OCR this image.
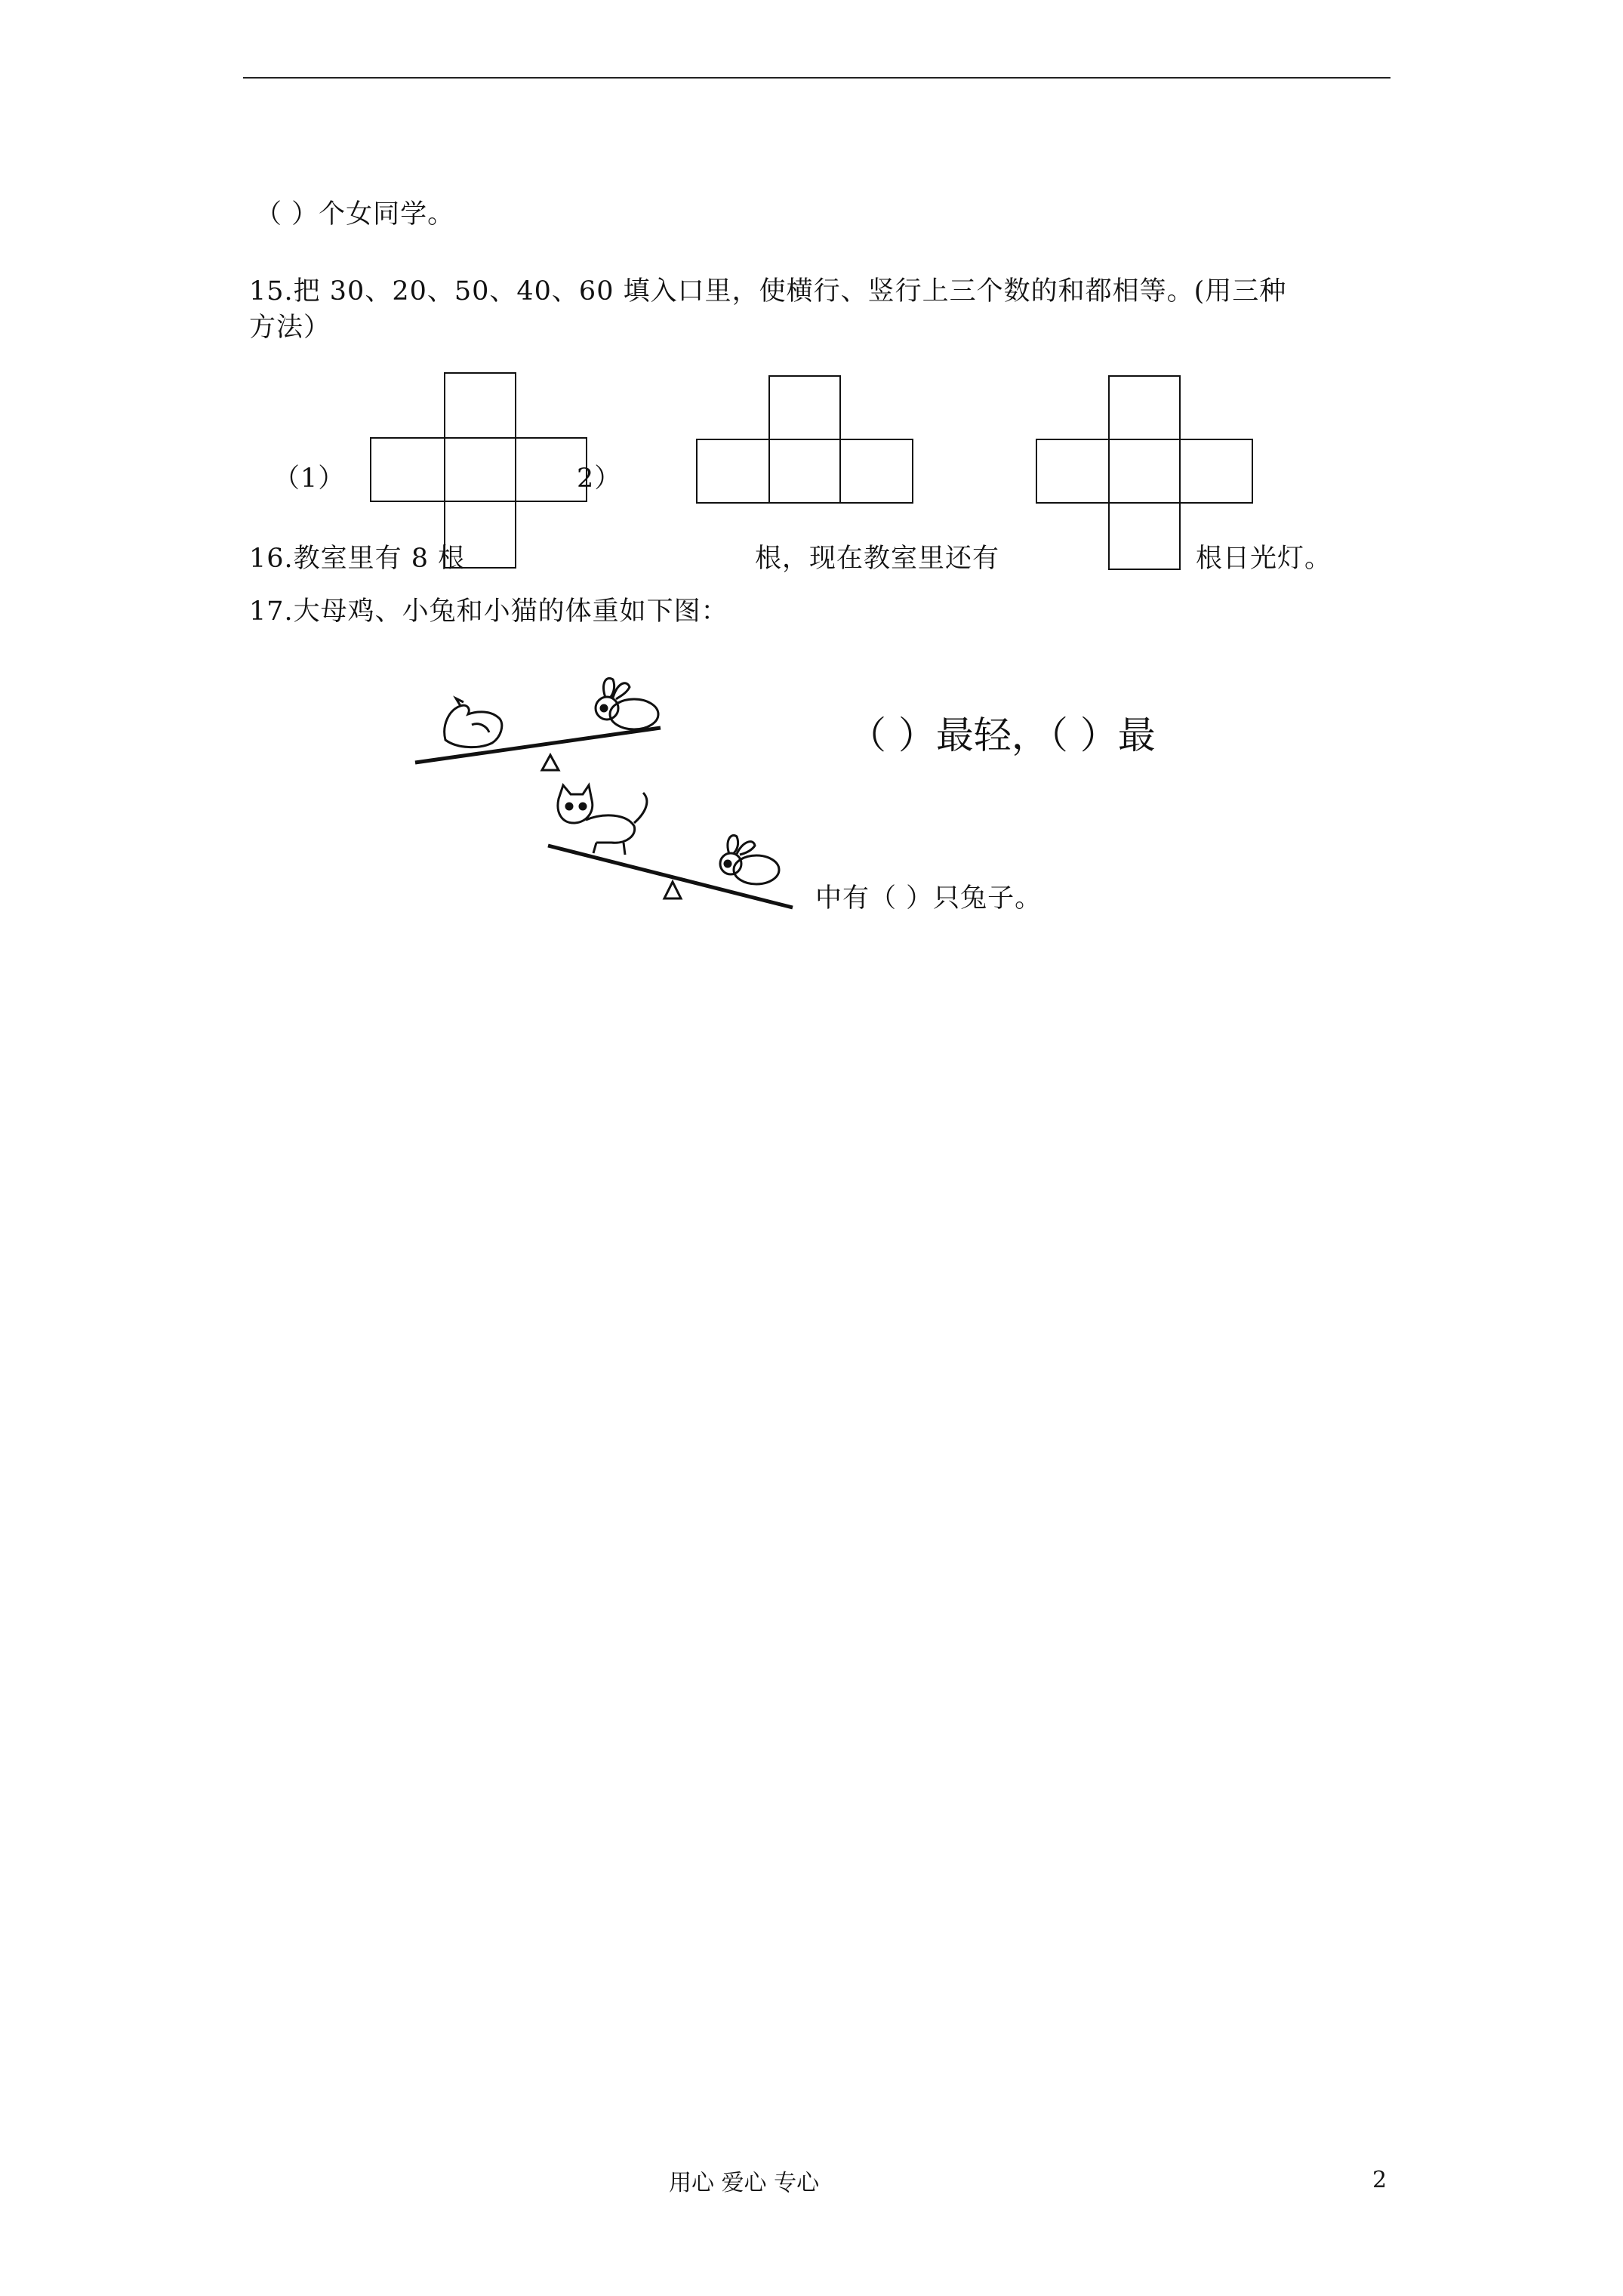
（ ）个女同学。
15.把 30、20、50、40、60 填入口里，使横行、竖行上三个数的和都相等。(用三种
方法）
（1）	2）
16.教室里有 8 根	根，现在教室里还有	根日光灯。
17.大母鸡、小兔和小猫的体重如下图：
（ ）最轻，（ ）最
中有（ ）只兔子。
用心 爱心 专心	2
